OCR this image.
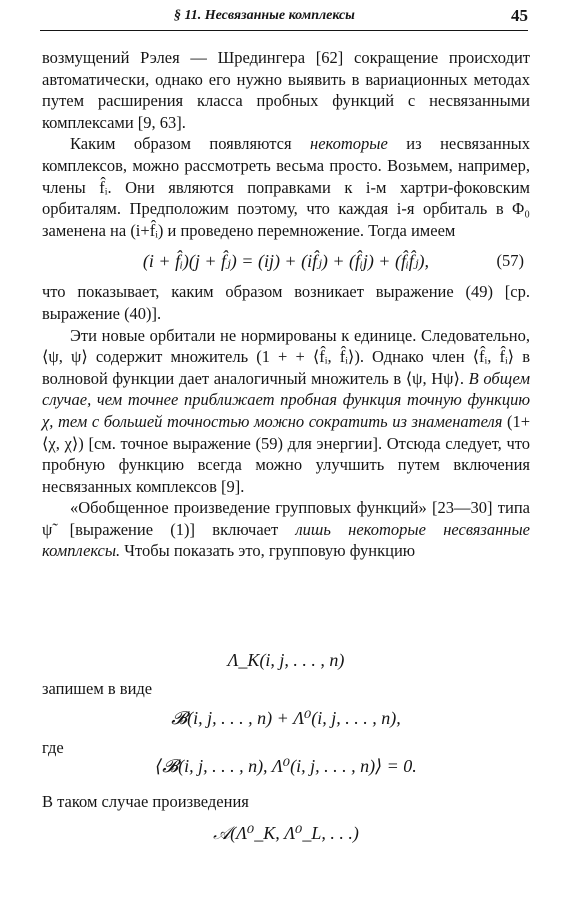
§ 11. Несвязанные комплексы	45

возмущений Рэлея — Шредингера [62] сокращение происходит автоматически, однако его нужно выявить в вариационных методах путем расширения класса пробных функций с несвязанными комплексами [9, 63].

Каким образом появляются некоторые из несвязанных комплексов, можно рассмотреть весьма просто. Возьмем, например, члены f̂ᵢ. Они являются поправками к i-м хартри-фоковским орбиталям. Предположим поэтому, что каждая i-я орбиталь в Φ₀ заменена на (i+f̂ᵢ) и проведено перемножение. Тогда имеем

(i + f̂ᵢ)(j + f̂ⱼ) = (ij) + (if̂ⱼ) + (f̂ᵢj) + (f̂ᵢf̂ⱼ),	(57)

что показывает, каким образом возникает выражение (49) [ср. выражение (40)].

Эти новые орбитали не нормированы к единице. Следовательно, ⟨ψ, ψ⟩ содержит множитель (1 + + ⟨f̂ᵢ, f̂ᵢ⟩). Однако член ⟨f̂ᵢ, f̂ᵢ⟩ в волновой функции дает аналогичный множитель в ⟨ψ, Hψ⟩. В общем случае, чем точнее приближает пробная функция точную функцию χ, тем с большей точностью можно сократить из знаменателя (1+⟨χ, χ⟩) [см. точное выражение (59) для энергии]. Отсюда следует, что пробную функцию всегда можно улучшить путем включения несвязанных комплексов [9].

«Обобщенное произведение групповых функций» [23—30] типа ψ̃ [выражение (1)] включает лишь некоторые несвязанные комплексы. Чтобы показать это, групповую функцию

Λ_K(i, j, . . . , n)
запишем в виде
𝓑(i, j, . . . , n) + Λ⁰(i, j, . . . , n),
где
⟨𝓑(i, j, . . . , n), Λ⁰(i, j, . . . , n)⟩ = 0.
В таком случае произведения
𝒜(Λ⁰_K, Λ⁰_L, . . .)
